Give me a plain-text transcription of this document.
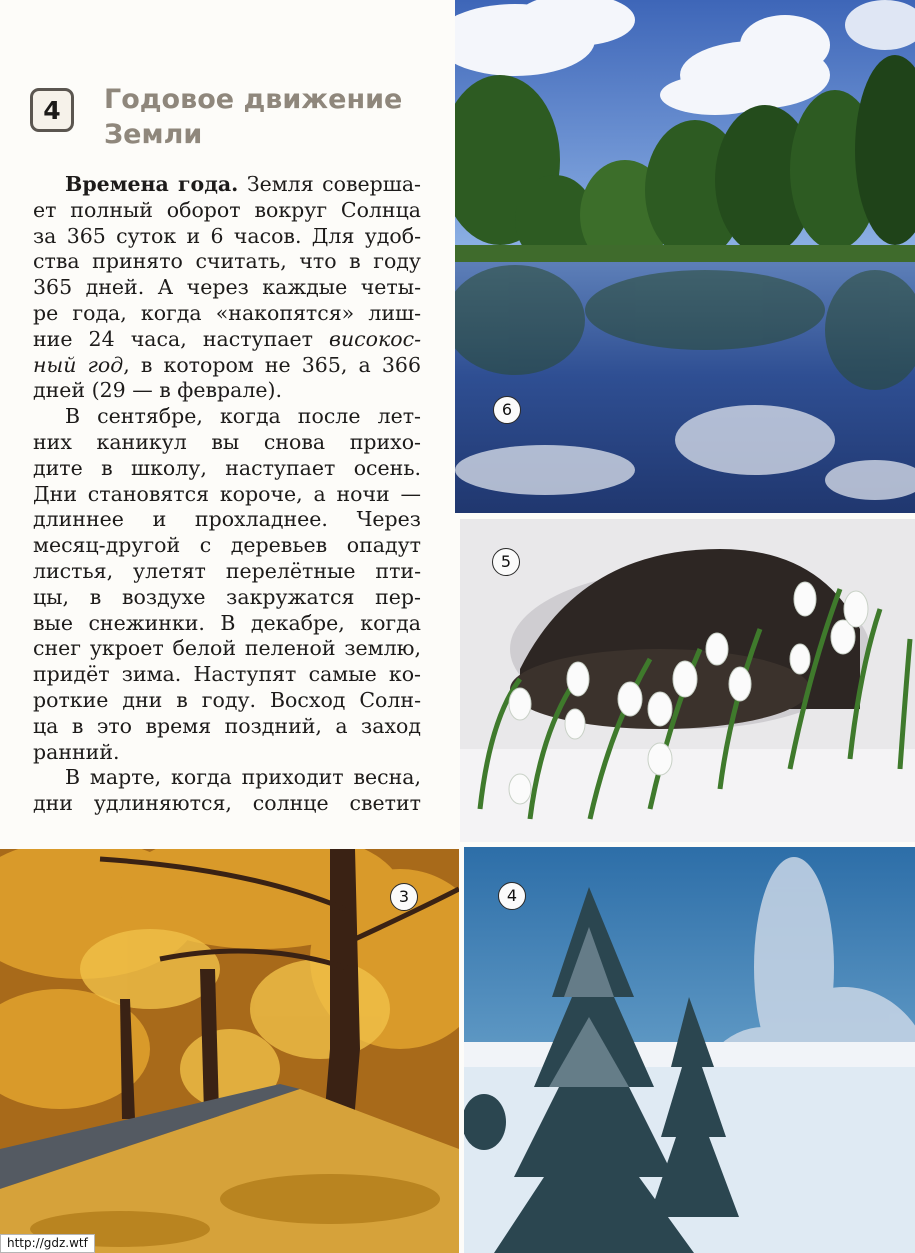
4	Годовое движение
Земли
Времена года. Земля соверша-
ет полный оборот вокруг Солнца
за 365 суток и 6 часов. Для удоб-
ства принято считать, что в году
365 дней. А через каждые четы-
ре года, когда «накопятся» лиш-
ние 24 часа, наступает високос-
ный год, в котором не 365, а 366
дней (29 — в феврале).
В сентябре, когда после лет-
них каникул вы снова прихо-
дите в школу, наступает осень.
Дни становятся короче, а ночи —
длиннее и прохладнее. Через
месяц-другой с деревьев опадут
листья, улетят перелётные пти-
цы, в воздухе закружатся пер-
вые снежинки. В декабре, когда
снег укроет белой пеленой землю,
придёт зима. Наступят самые ко-
роткие дни в году. Восход Солн-
ца в это время поздний, а заход
ранний.
В марте, когда приходит весна,
дни удлиняются, солнце светит
6
5
3	4
http://gdz.wtf
